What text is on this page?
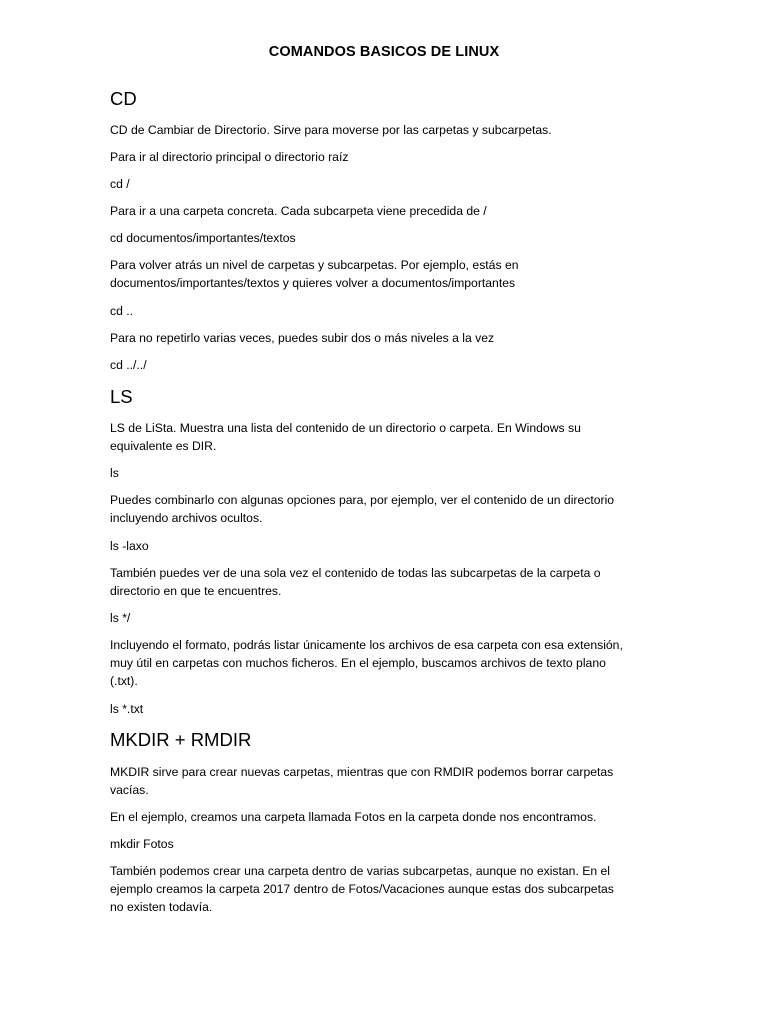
COMANDOS BASICOS DE LINUX
CD

CD de Cambiar de Directorio. Sirve para moverse por las carpetas y subcarpetas.

Para ir al directorio principal o directorio raíz

cd /

Para ir a una carpeta concreta. Cada subcarpeta viene precedida de /

cd documentos/importantes/textos

Para volver atrás un nivel de carpetas y subcarpetas. Por ejemplo, estás en
documentos/importantes/textos y quieres volver a documentos/importantes

cd ..

Para no repetirlo varias veces, puedes subir dos o más niveles a la vez

cd ../../

LS

LS de LiSta. Muestra una lista del contenido de un directorio o carpeta. En Windows su
equivalente es DIR.

ls

Puedes combinarlo con algunas opciones para, por ejemplo, ver el contenido de un directorio
incluyendo archivos ocultos.

ls -laxo

También puedes ver de una sola vez el contenido de todas las subcarpetas de la carpeta o
directorio en que te encuentres.

ls */

Incluyendo el formato, podrás listar únicamente los archivos de esa carpeta con esa extensión,
muy útil en carpetas con muchos ficheros. En el ejemplo, buscamos archivos de texto plano
(.txt).

ls *.txt

MKDIR + RMDIR

MKDIR sirve para crear nuevas carpetas, mientras que con RMDIR podemos borrar carpetas
vacías.

En el ejemplo, creamos una carpeta llamada Fotos en la carpeta donde nos encontramos.

mkdir Fotos

También podemos crear una carpeta dentro de varias subcarpetas, aunque no existan. En el
ejemplo creamos la carpeta 2017 dentro de Fotos/Vacaciones aunque estas dos subcarpetas
no existen todavía.
